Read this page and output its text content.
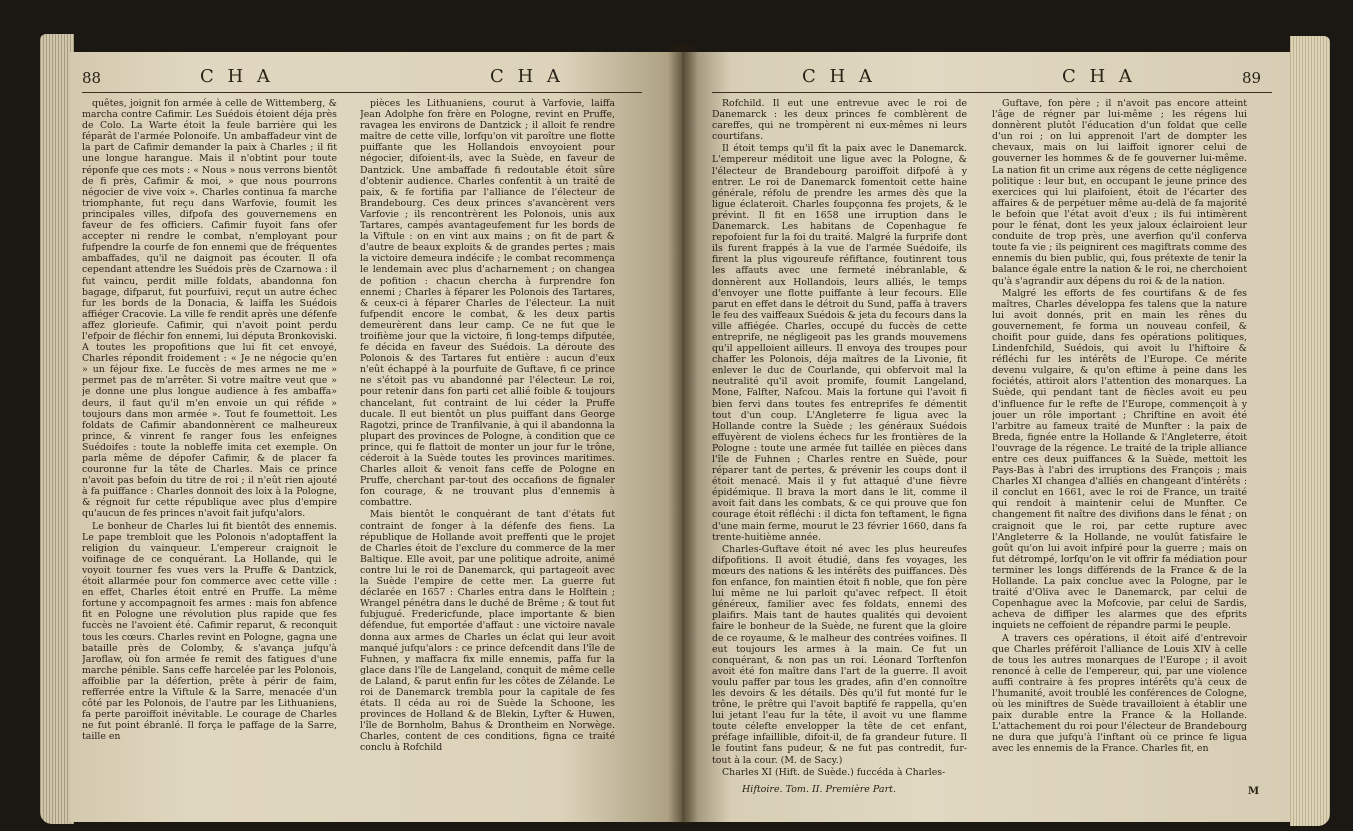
88	C H A	C H A

quêtes, joignit fon armée à celle de Wittemberg, & marcha contre Cafimir. Les Suédois étoient déja près de Colo. La Warte étoit la feule barrière qui les féparât de l'armée Polonoife. Un ambaffadeur vint de la part de Cafimir demander la paix à Charles ; il fit une longue harangue. Mais il n'obtint pour toute réponfe que ces mots : « Nous » nous verrons bientôt de fi près, Cafimir & moi, » que nous pourrons négocier de vive voix ». Charles continua fa marche triomphante, fut reçu dans Warfovie, foumit les principales villes, difpofa des gouvernemens en faveur de fes officiers. Cafimir fuyoit fans ofer accepter ni rendre le combat, n'employant pour fufpendre la courfe de fon ennemi que de fréquentes ambaffades, qu'il ne daignoit pas écouter. Il ofa cependant attendre les Suédois près de Czarnowa : il fut vaincu, perdit mille foldats, abandonna fon bagage, difparut, fut pourfuivi, reçut un autre échec fur les bords de la Donacia, & laiffa les Suédois affiéger Cracovie. La ville fe rendit après une défenfe affez glorieufe. Cafimir, qui n'avoit point perdu l'efpoir de fléchir fon ennemi, lui députa Bronkoviski. A toutes les propofitions que lui fit cet envoyé, Charles répondit froidement : « Je ne négocie qu'en » un féjour fixe. Le fuccès de mes armes ne me » permet pas de m'arrêter. Si votre maître veut que » je donne une plus longue audience à fes ambaffa» deurs, il faut qu'il m'en envoie un qui réfide » toujours dans mon armée ». Tout fe foumettoit. Les foldats de Cafimir abandonnèrent ce malheureux prince, & vinrent fe ranger fous les enfeignes Suédoifes : toute la nobleffe imita cet exemple. On parla même de dépofer Cafimir, & de placer fa couronne fur la tête de Charles. Mais ce prince n'avoit pas befoin du titre de roi ; il n'eût rien ajouté à fa puiffance : Charles donnoit des loix à la Pologne, & régnoit fur cette république avec plus d'empire qu'aucun de fes princes n'avoit fait jufqu'alors.

Le bonheur de Charles lui fit bientôt des ennemis. Le pape trembloit que les Polonois n'adoptaffent la religion du vainqueur. L'empereur craignoit le voifinage de ce conquérant. La Hollande, qui le voyoit tourner fes vues vers la Pruffe & Dantzick, étoit allarmée pour fon commerce avec cette ville : en effet, Charles étoit entré en Pruffe. La même fortune y accompagnoit fes armes : mais fon abfence fit en Pologne une révolution plus rapide que fes fuccès ne l'avoient été. Cafimir reparut, & reconquit tous les cœurs. Charles revint en Pologne, gagna une bataille près de Colomby, & s'avança jufqu'à Jaroflaw, où fon armée fe remit des fatigues d'une marche pénible. Sans ceffe harcelée par les Polonois, affoiblie par la défertion, prête à périr de faim, refferrée entre la Viftule & la Sarre, menacée d'un côté par les Polonois, de l'autre par les Lithuaniens, fa perte paroiffoit inévitable. Le courage de Charles ne fut point ébranlé. Il força le paffage de la Sarre, taille en

pièces les Lithuaniens, courut à Varfovie, laiffa Jean Adolphe fon frère en Pologne, revint en Pruffe, ravagea les environs de Dantzick ; il alloit fe rendre maître de cette ville, lorfqu'on vit paroître une flotte puiffante que les Hollandois envoyoient pour négocier, difoient-ils, avec la Suède, en faveur de Dantzick. Une ambaffade fi redoutable étoit sûre d'obtenir audience. Charles confentit à un traité de paix, & fe fortifia par l'alliance de l'électeur de Brandebourg. Ces deux princes s'avancèrent vers Varfovie ; ils rencontrèrent les Polonois, unis aux Tartares, campés avantageufement fur les bords de la Viftule : on en vint aux mains ; on fit de part & d'autre de beaux exploits & de grandes pertes ; mais la victoire demeura indécife ; le combat recommença le lendemain avec plus d'acharnement ; on changea de pofition : chacun chercha à furprendre fon ennemi ; Charles à féparer les Polonois des Tartares, & ceux-ci à féparer Charles de l'électeur. La nuit fufpendit encore le combat, & les deux partis demeurèrent dans leur camp. Ce ne fut que le troifième jour que la victoire, fi long-temps difputée, fe décida en faveur des Suédois. La déroute des Polonois & des Tartares fut entière : aucun d'eux n'eût échappé à la pourfuite de Guftave, fi ce prince ne s'étoit pas vu abandonné par l'électeur. Le roi, pour retenir dans fon parti cet allié foible & toujours chancelant, fut contraint de lui céder la Pruffe ducale. Il eut bientôt un plus puiffant dans George Ragotzi, prince de Tranfilvanie, à qui il abandonna la plupart des provinces de Pologne, à condition que ce prince, qui fe flattoit de monter un jour fur le trône, céderoit à la Suède toutes les provinces maritimes. Charles alloit & venoit fans ceffe de Pologne en Pruffe, cherchant par-tout des occafions de fignaler fon courage, & ne trouvant plus d'ennemis à combattre.

Mais bientôt le conquérant de tant d'états fut contraint de fonger à la défenfe des fiens. La république de Hollande avoit preffenti que le projet de Charles étoit de l'exclure du commerce de la mer Baltique. Elle avoit, par une politique adroite, animé contre lui le roi de Danemarck, qui partageoit avec la Suède l'empire de cette mer. La guerre fut déclarée en 1657 : Charles entra dans le Holftein ; Wrangel pénétra dans le duché de Brême ; & tout fut fubjugué. Fredericfunde, place importante & bien défendue, fut emportée d'affaut : une victoire navale donna aux armes de Charles un éclat qui leur avoit manqué jufqu'alors : ce prince defcendit dans l'île de Fuhnen, y maffacra fix mille ennemis, paffa fur la glace dans l'île de Langeland, conquit de même celle de Laland, & parut enfin fur les côtes de Zélande. Le roi de Danemarck trembla pour la capitale de fes états. Il céda au roi de Suède la Schoone, les provinces de Holland & de Blekin, Lyfter & Huwen, l'île de Bornholm, Bahus & Drontheim en Norwège. Charles, content de ces conditions, figna ce traité conclu à Rofchild

C H A	C H A	89

Rofchild. Il eut une entrevue avec le roi de Danemarck : les deux princes fe comblèrent de careffes, qui ne trompèrent ni eux-mêmes ni leurs courtifans.

Il étoit temps qu'il fît la paix avec le Danemarck. L'empereur méditoit une ligue avec la Pologne, & l'électeur de Brandebourg paroiffoit difpofé à y entrer. Le roi de Danemarck fomentoit cette haine générale, réfolu de prendre les armes dès que la ligue éclateroit. Charles foupçonna fes projets, & le prévint. Il fit en 1658 une irruption dans le Danemarck. Les habitans de Copenhague fe repofoient fur la foi du traité. Malgré la furprife dont ils furent frappés à la vue de l'armée Suédoife, ils firent la plus vigoureufe réfiftance, foutinrent tous les affauts avec une fermeté inébranlable, & donnèrent aux Hollandois, leurs alliés, le temps d'envoyer une flotte puiffante à leur fecours. Elle parut en effet dans le détroit du Sund, paffa à travers le feu des vaiffeaux Suédois & jeta du fecours dans la ville affiégée. Charles, occupé du fuccès de cette entreprife, ne négligeoit pas les grands mouvemens qu'il appelloient ailleurs. Il envoya des troupes pour chaffer les Polonois, déja maîtres de la Livonie, fit enlever le duc de Courlande, qui obfervoit mal la neutralité qu'il avoit promife, foumit Langeland, Mone, Falfter, Nafcou. Mais la fortune qui l'avoit fi bien fervi dans toutes fes entreprifes fe démentit tout d'un coup. L'Angleterre fe ligua avec la Hollande contre la Suède ; les généraux Suédois effuyèrent de violens échecs fur les frontières de la Pologne : toute une armée fut taillée en pièces dans l'île de Fuhnen ; Charles rentre en Suède, pour réparer tant de pertes, & prévenir les coups dont il étoit menacé. Mais il y fut attaqué d'une fièvre épidémique. Il brava la mort dans le lit, comme il avoit fait dans les combats, & ce qui prouve que fon courage étoit réfléchi : il dicta fon teftament, le figna d'une main ferme, mourut le 23 février 1660, dans fa trente-huitième année.

Charles-Guftave étoit né avec les plus heureufes difpofitions. Il avoit étudié, dans fes voyages, les mœurs des nations & les intérêts des puiffances. Dès fon enfance, fon maintien étoit fi noble, que fon père lui même ne lui parloit qu'avec refpect. Il étoit généreux, familier avec fes foldats, ennemi des plaifirs. Mais tant de hautes qualités qui devoient faire le bonheur de la Suède, ne furent que la gloire de ce royaume, & le malheur des contrées voifines. Il eut toujours les armes à la main. Ce fut un conquérant, & non pas un roi. Léonard Torftenfon avoit été fon maître dans l'art de la guerre. Il avoit voulu paffer par tous les grades, afin d'en connoître les devoirs & les détails. Dès qu'il fut monté fur le trône, le prêtre qui l'avoit baptifé fe rappella, qu'en lui jetant l'eau fur la tête, il avoit vu une flamme toute célefte envelopper la tête de cet enfant, préfage infaillible, difoit-il, de fa grandeur future. Il le foutint fans pudeur, & ne fut pas contredit, fur-tout à la cour. (M. de Sacy.)

Charles XI (Hift. de Suède.) fuccéda à Charles-

Guftave, fon père ; il n'avoit pas encore atteint l'âge de régner par lui-même ; les régens lui donnèrent plutôt l'éducation d'un foldat que celle d'un roi ; on lui apprenoit l'art de dompter les chevaux, mais on lui laiffoit ignorer celui de gouverner les hommes & de fe gouverner lui-même. La nation fit un crime aux régens de cette négligence politique : leur but, en occupant le jeune prince des exercices qui lui plaifoient, étoit de l'écarter des affaires & de perpétuer même au-delà de fa majorité le befoin que l'état avoit d'eux ; ils fui intimèrent pour le fénat, dont les yeux jaloux éclairoient leur conduite de trop près, une averfion qu'il conferva toute fa vie ; ils peignirent ces magiftrats comme des ennemis du bien public, qui, fous prétexte de tenir la balance égale entre la nation & le roi, ne cherchoient qu'à s'agrandir aux dépens du roi & de la nation.

Malgré les efforts de fes courtifans & de fes maîtres, Charles développa fes talens que la nature lui avoit donnés, prit en main les rênes du gouvernement, fe forma un nouveau confeil, & choifit pour guide, dans fes opérations politiques, Lindenfchild, Suédois, qui avoit lu l'hiftoire & réfléchi fur les intérêts de l'Europe. Ce mérite devenu vulgaire, & qu'on eftime à peine dans les fociétés, attiroit alors l'attention des monarques. La Suède, qui pendant tant de fiècles avoit eu peu d'influence fur le refte de l'Europe, commençoit à y jouer un rôle important ; Chriftine en avoit été l'arbitre au fameux traité de Munfter : la paix de Breda, fignée entre la Hollande & l'Angleterre, étoit l'ouvrage de la régence. Le traité de la triple alliance entre ces deux puiffances & la Suède, mettoit les Pays-Bas à l'abri des irruptions des François ; mais Charles XI changea d'alliés en changeant d'intérêts : il conclut en 1661, avec le roi de France, un traité qui rendoit à maintenir celui de Munfter. Ce changement fit naître des divifions dans le fénat ; on craignoit que le roi, par cette rupture avec l'Angleterre & la Hollande, ne voulût fatisfaire le goût qu'on lui avoit infpiré pour la guerre ; mais on fut détrompé, lorfqu'on le vit offrir fa médiation pour terminer les longs différends de la France & de la Hollande. La paix conclue avec la Pologne, par le traité d'Oliva avec le Danemarck, par celui de Copenhague avec la Mofcovie, par celui de Sardis, acheva de diffiper les alarmes que des efprits inquiets ne ceffoient de répandre parmi le peuple.

A travers ces opérations, il étoit aifé d'entrevoir que Charles préféroit l'alliance de Louis XIV à celle de tous les autres monarques de l'Europe ; il avoit renoncé à celle de l'empereur, qui, par une violence auffi contraire à fes propres intérêts qu'à ceux de l'humanité, avoit troublé les conférences de Cologne, où les miniftres de Suède travailloient à établir une paix durable entre la France & la Hollande. L'attachement du roi pour l'électeur de Brandebourg ne dura que jufqu'à l'inftant où ce prince fe ligua avec les ennemis de la France. Charles fit, en

Hiftoire. Tom. II. Première Part.	M
